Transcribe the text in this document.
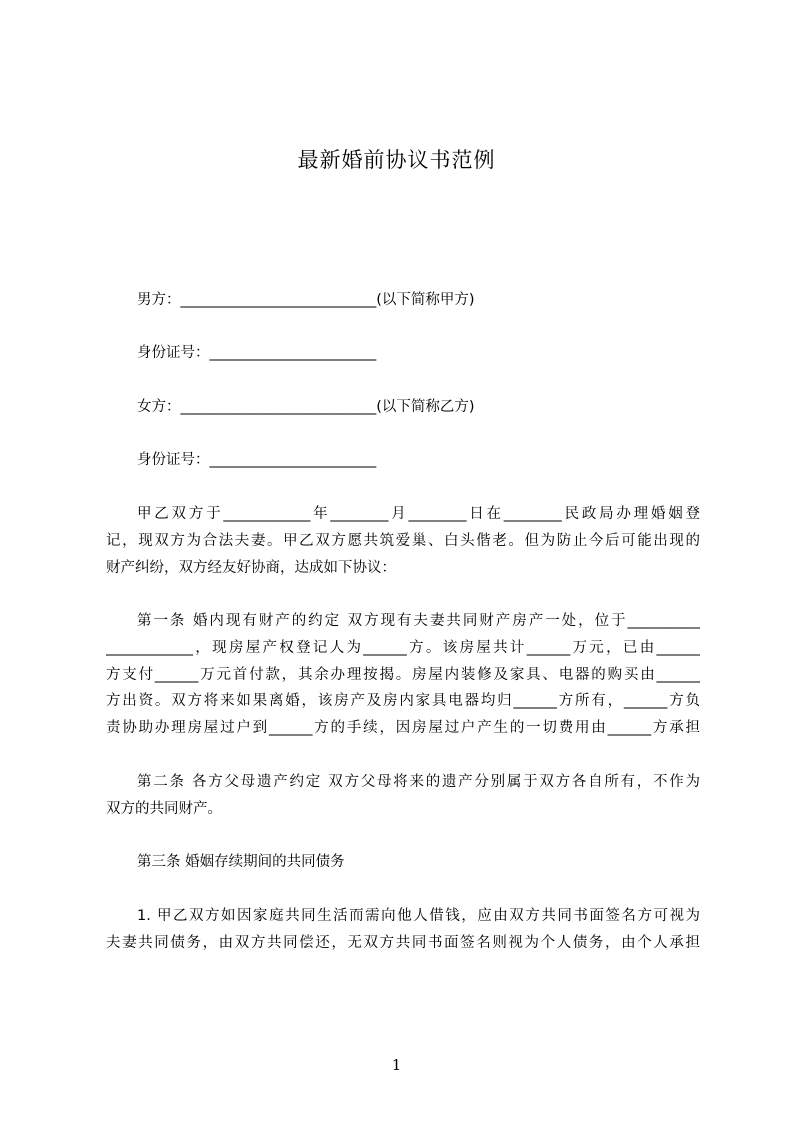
最新婚前协议书范例
男方：___________________________(以下简称甲方)
身份证号：_______________________
女方：___________________________(以下简称乙方)
身份证号：_______________________
甲乙双方于____________年________月________日在________民政局办理婚姻登
记，现双方为合法夫妻。甲乙双方愿共筑爱巢、白头偕老。但为防止今后可能出现的
财产纠纷，双方经友好协商，达成如下协议：
第一条 婚内现有财产的约定 双方现有夫妻共同财产房产一处，位于__________
____________，现房屋产权登记人为______方。该房屋共计______万元，已由______
方支付______万元首付款，其余办理按揭。房屋内装修及家具、电器的购买由______
方出资。双方将来如果离婚，该房产及房内家具电器均归______方所有，______方负
责协助办理房屋过户到______方的手续，因房屋过户产生的一切费用由______方承担
第二条 各方父母遗产约定 双方父母将来的遗产分别属于双方各自所有，不作为
双方的共同财产。
第三条 婚姻存续期间的共同债务
1. 甲乙双方如因家庭共同生活而需向他人借钱，应由双方共同书面签名方可视为
夫妻共同债务，由双方共同偿还，无双方共同书面签名则视为个人债务，由个人承担
1
